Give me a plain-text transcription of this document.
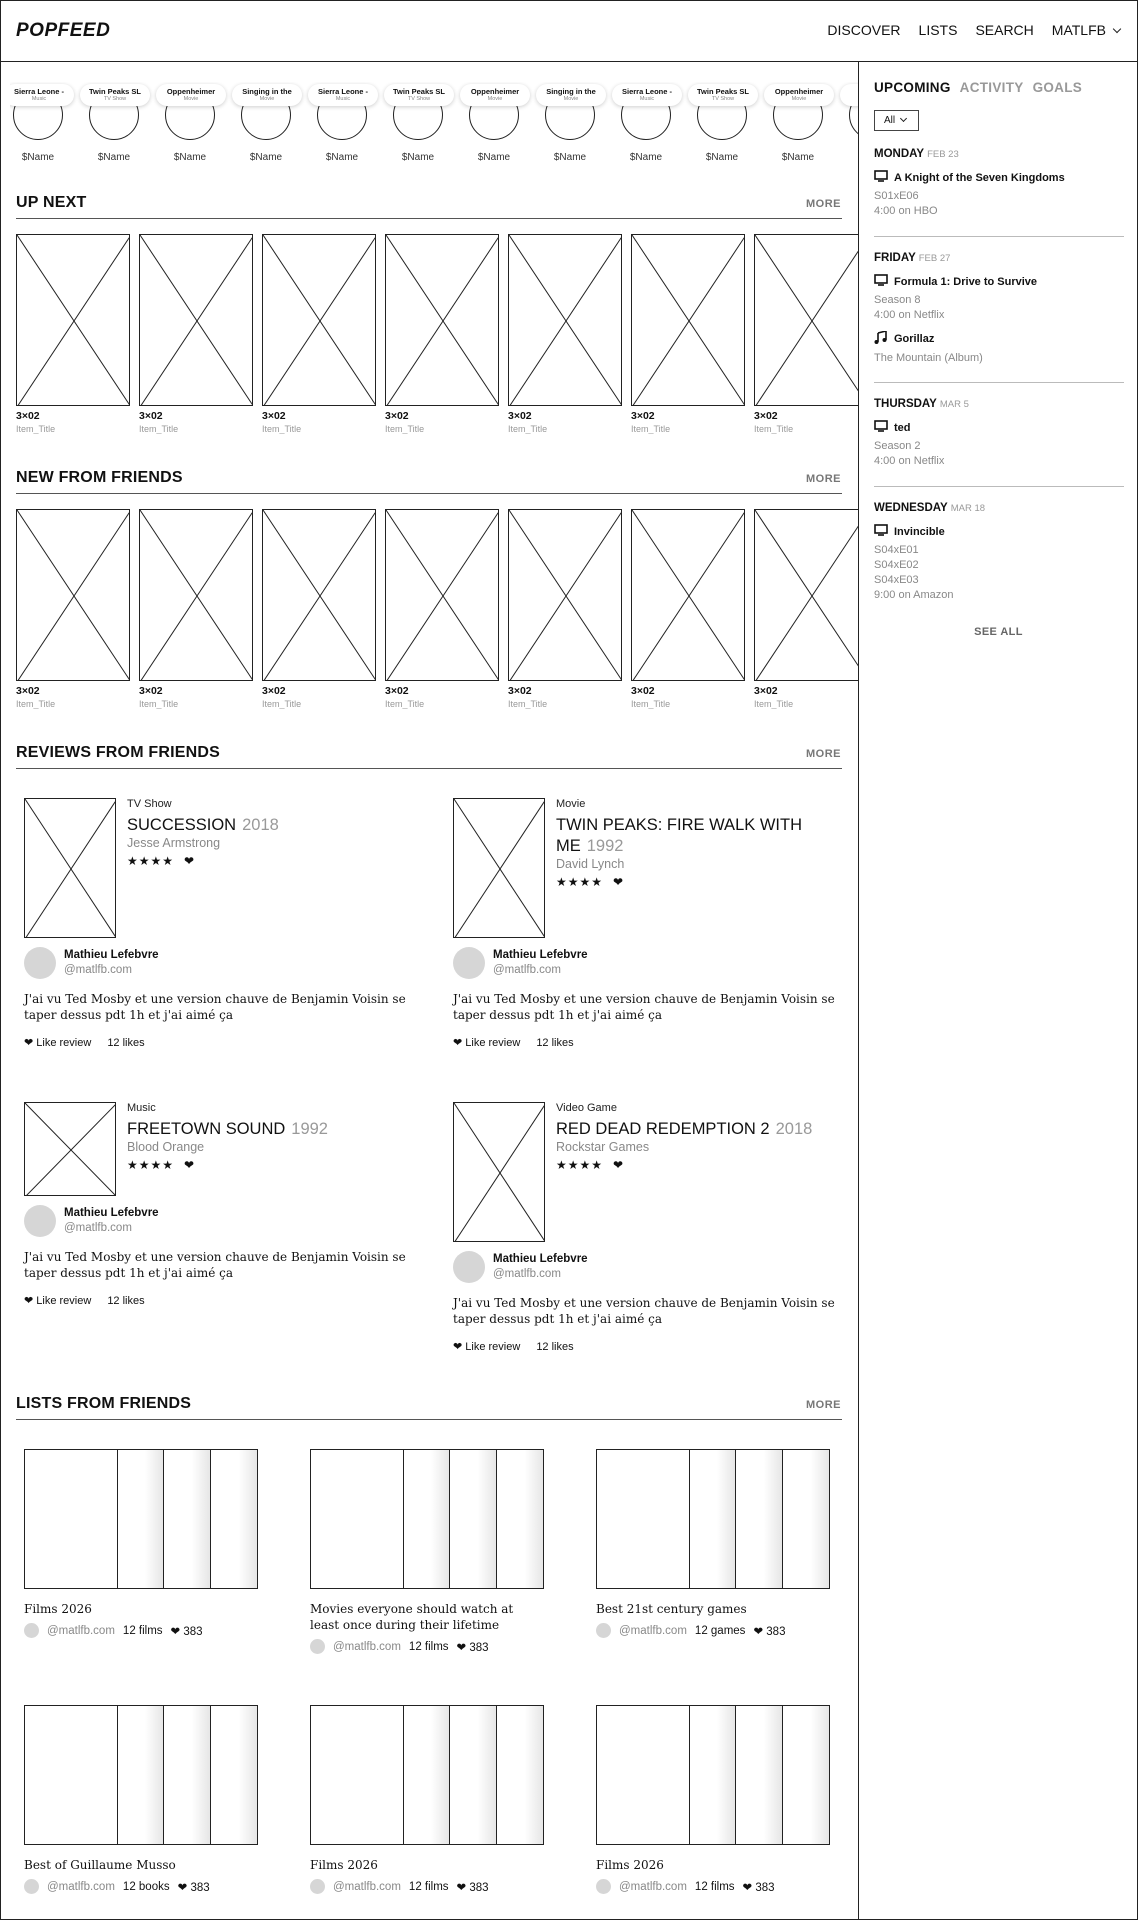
POPFEED	DISCOVER LISTS SEARCH MATLFB
Sierra Leone -
Music
$Name
Twin Peaks SL
TV Show
$Name
Oppenheimer
Movie
$Name
Singing in the
Movie
$Name
Sierra Leone -
Music
$Name
Twin Peaks SL
TV Show
$Name
Oppenheimer
Movie
$Name
Singing in the
Movie
$Name
Sierra Leone -
Music
$Name
Twin Peaks SL
TV Show
$Name
Oppenheimer
Movie
$Name
UP NEXT	MORE
3×02
Item_Title
3×02
Item_Title
3×02
Item_Title
3×02
Item_Title
3×02
Item_Title
3×02
Item_Title
3×02
Item_Title
NEW FROM FRIENDS	MORE
3×02
Item_Title
3×02
Item_Title
3×02
Item_Title
3×02
Item_Title
3×02
Item_Title
3×02
Item_Title
3×02
Item_Title
REVIEWS FROM FRIENDS	MORE
TV Show
SUCCESSION 2018
Jesse Armstrong
★★★★ ❤
Mathieu Lefebvre
@matlfb.com
J'ai vu Ted Mosby et une version chauve de Benjamin Voisin se taper dessus pdt 1h et j'ai aimé ça
❤ Like review 12 likes
Movie
TWIN PEAKS: FIRE WALK WITH ME 1992
David Lynch
★★★★ ❤
Mathieu Lefebvre
@matlfb.com
J'ai vu Ted Mosby et une version chauve de Benjamin Voisin se taper dessus pdt 1h et j'ai aimé ça
❤ Like review 12 likes
Music
FREETOWN SOUND 1992
Blood Orange
★★★★ ❤
Mathieu Lefebvre
@matlfb.com
J'ai vu Ted Mosby et une version chauve de Benjamin Voisin se taper dessus pdt 1h et j'ai aimé ça
❤ Like review 12 likes
Video Game
RED DEAD REDEMPTION 2 2018
Rockstar Games
★★★★ ❤
Mathieu Lefebvre
@matlfb.com
J'ai vu Ted Mosby et une version chauve de Benjamin Voisin se taper dessus pdt 1h et j'ai aimé ça
❤ Like review 12 likes
LISTS FROM FRIENDS	MORE
Films 2026
@matlfb.com 12 films ❤ 383
Movies everyone should watch at least once during their lifetime
@matlfb.com 12 films ❤ 383
Best 21st century games
@matlfb.com 12 games ❤ 383
Best of Guillaume Musso
@matlfb.com 12 books ❤ 383
Films 2026
@matlfb.com 12 films ❤ 383
Films 2026
@matlfb.com 12 films ❤ 383
UPCOMING ACTIVITY GOALS
All
MONDAY FEB 23
A Knight of the Seven Kingdoms
S01xE06
4:00 on HBO
FRIDAY FEB 27
Formula 1: Drive to Survive
Season 8
4:00 on Netflix
Gorillaz
The Mountain (Album)
THURSDAY MAR 5
ted
Season 2
4:00 on Netflix
WEDNESDAY MAR 18
Invincible
S04xE01
S04xE02
S04xE03
9:00 on Amazon
SEE ALL
